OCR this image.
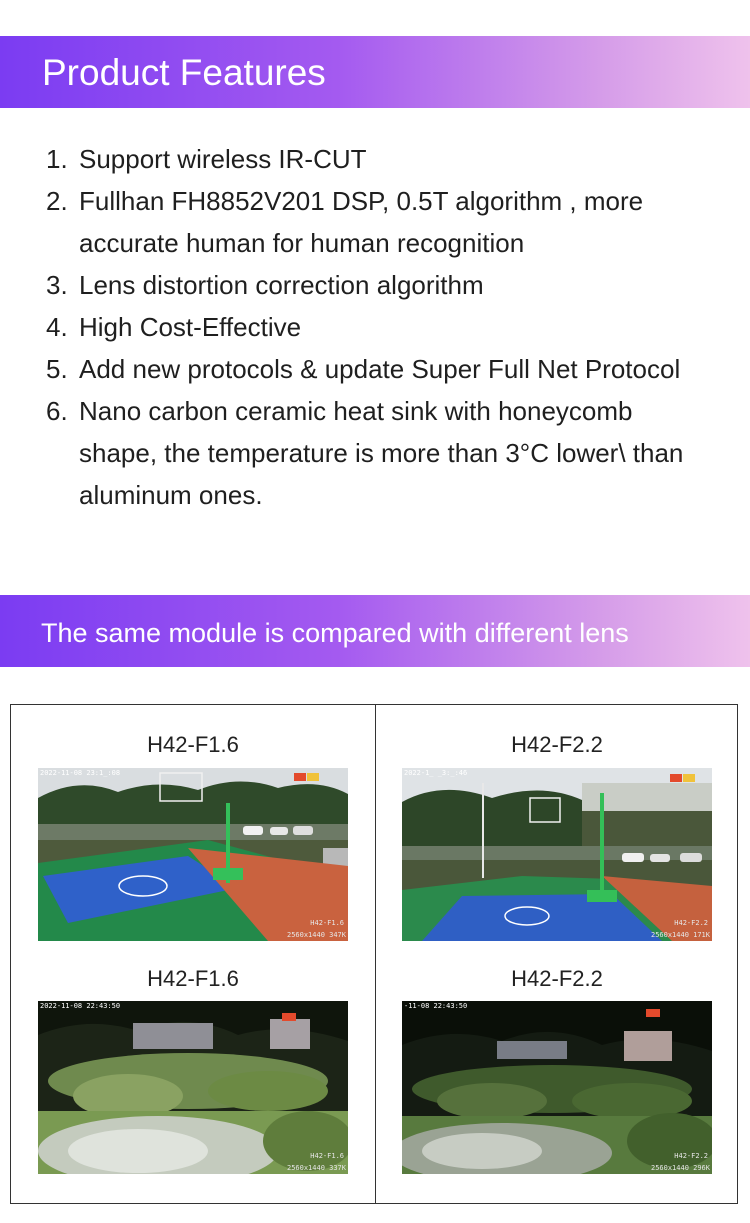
Product Features
1. Support wireless IR-CUT
2. Fullhan FH8852V201 DSP, 0.5T algorithm , more accurate human for human recognition
3. Lens distortion correction algorithm
4. High Cost-Effective
5. Add new protocols & update Super Full Net Protocol
6. Nano carbon ceramic heat sink with honeycomb shape, the temperature is more than 3°C lower\ than aluminum ones.
The same module is compared with different lens
H42-F1.6
2022-11-08 23:1_:08
H42-F1.6
2560x1440 347K
H42-F2.2
2022-1_ _3:_:46
H42-F2.2
2560x1440 171K
H42-F1.6
2022-11-08 22:43:50
H42-F1.6
2560x1440 337K
H42-F2.2
-11-08 22:43:50
H42-F2.2
2560x1440 296K
